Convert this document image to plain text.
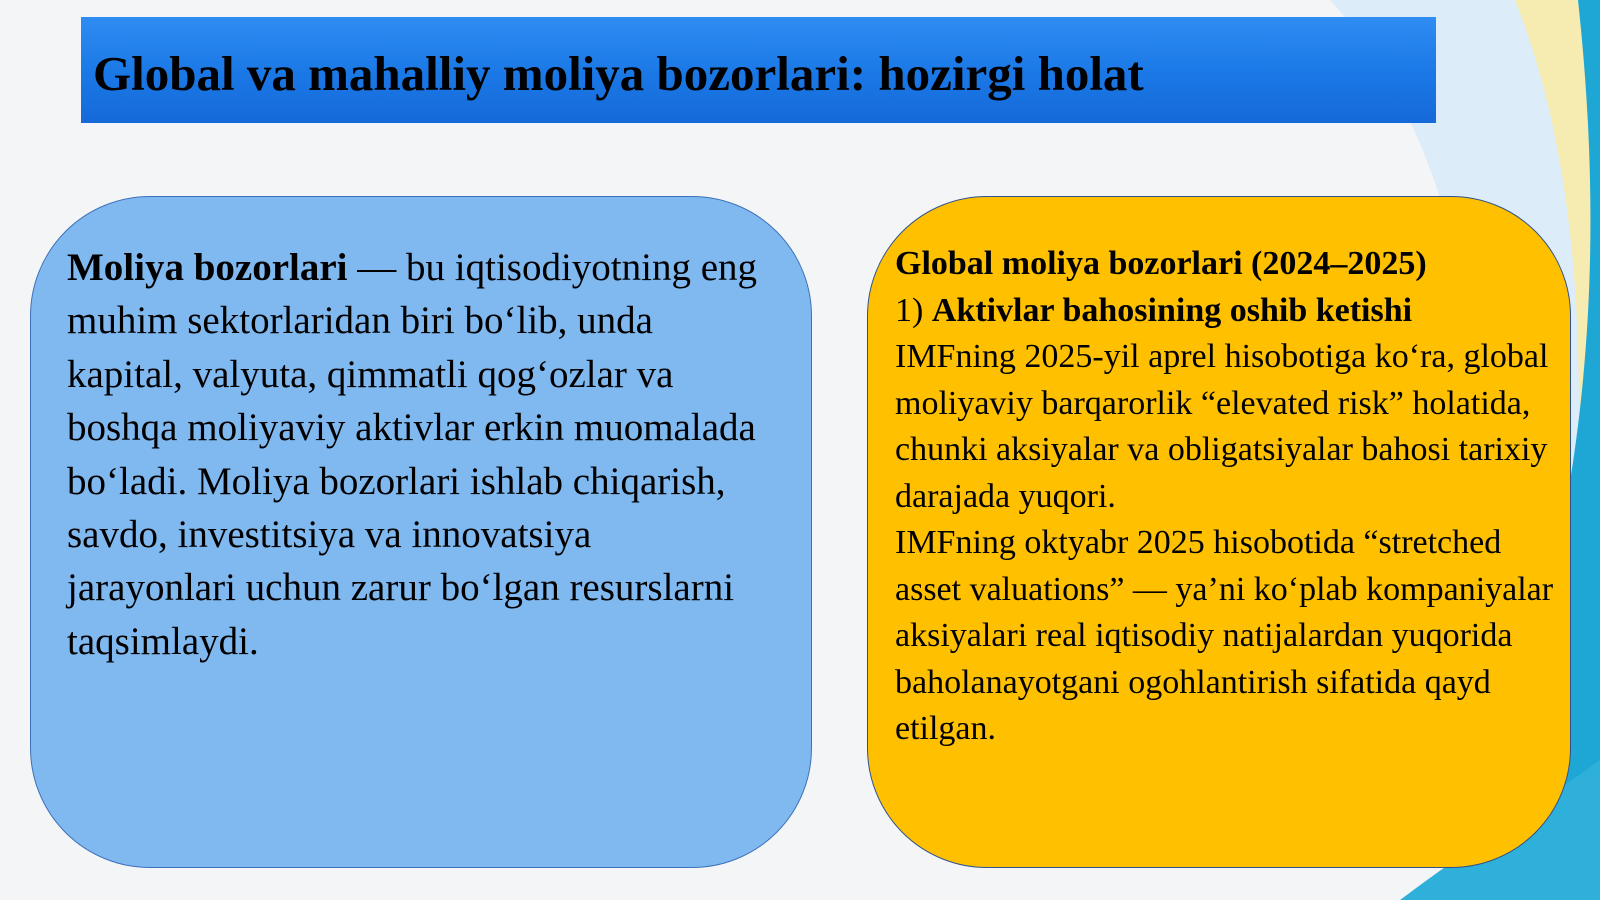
Global va mahalliy moliya bozorlari: hozirgi holat
Moliya bozorlari — bu iqtisodiyotning eng muhim sektorlaridan biri bo‘lib, unda kapital, valyuta, qimmatli qog‘ozlar va boshqa moliyaviy aktivlar erkin muomalada bo‘ladi. Moliya bozorlari ishlab chiqarish, savdo, investitsiya va innovatsiya jarayonlari uchun zarur bo‘lgan resurslarni taqsimlaydi.
Global moliya bozorlari (2024–2025)
1) Aktivlar bahosining oshib ketishi
IMFning 2025-yil aprel hisobotiga ko‘ra, global moliyaviy barqarorlik “elevated risk” holatida, chunki aksiyalar va obligatsiyalar bahosi tarixiy darajada yuqori.
IMFning oktyabr 2025 hisobotida “stretched asset valuations” — ya’ni ko‘plab kompaniyalar aksiyalari real iqtisodiy natijalardan yuqorida baholanayotgani ogohlantirish sifatida qayd etilgan.
